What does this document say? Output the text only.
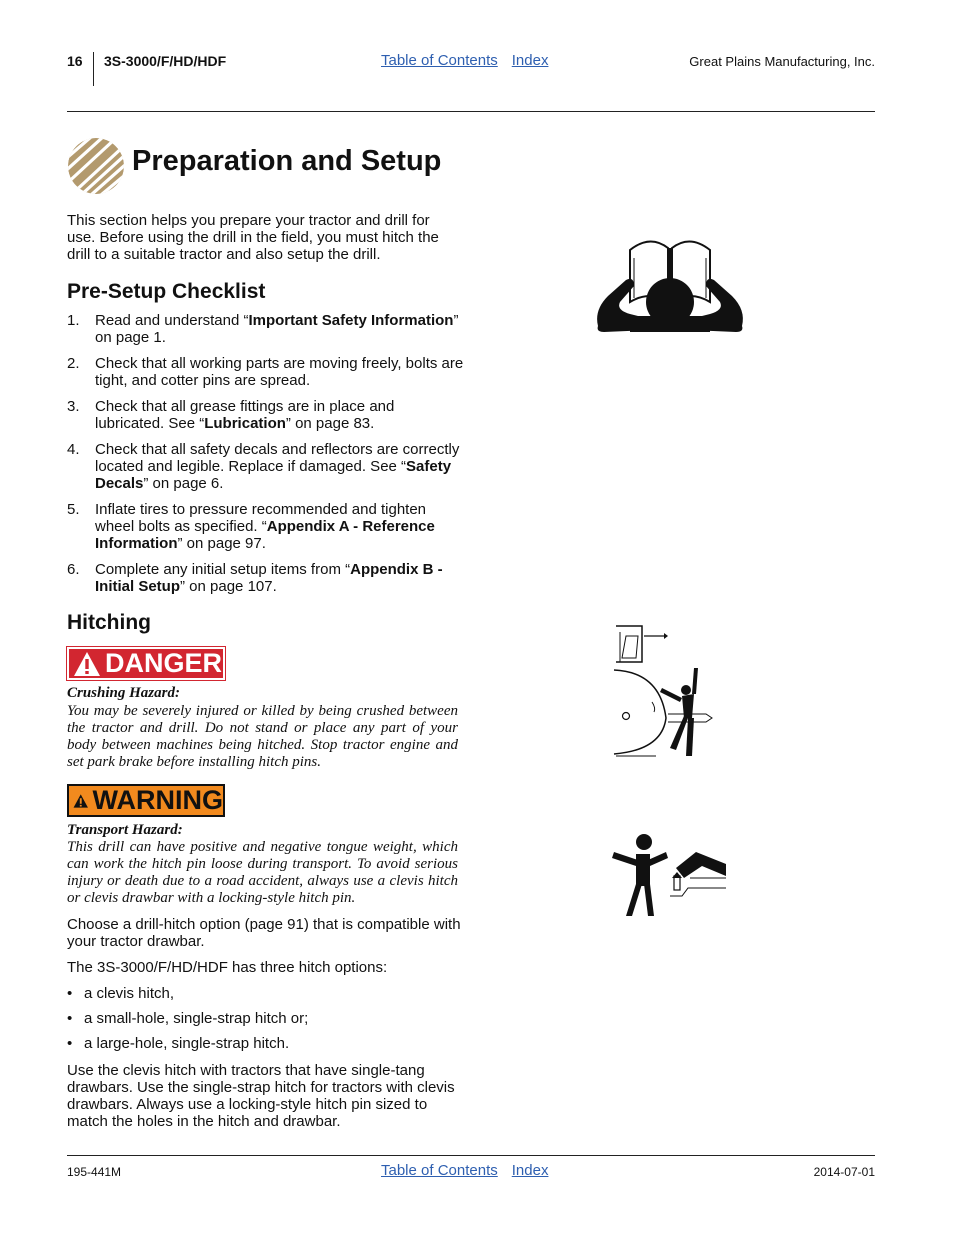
16 3S-3000/F/HD/HDF	Table of Contents Index	Great Plains Manufacturing, Inc.
Preparation and Setup
This section helps you prepare your tractor and drill for use. Before using the drill in the field, you must hitch the drill to a suitable tractor and also setup the drill.
Pre-Setup Checklist
1. Read and understand “Important Safety Information” on page 1.
2. Check that all working parts are moving freely, bolts are tight, and cotter pins are spread.
3. Check that all grease fittings are in place and lubricated. See “Lubrication” on page 83.
4. Check that all safety decals and reflectors are correctly located and legible. Replace if damaged. See “Safety Decals” on page 6.
5. Inflate tires to pressure recommended and tighten wheel bolts as specified. “Appendix A - Reference Information” on page 97.
6. Complete any initial setup items from “Appendix B - Initial Setup” on page 107.
Hitching
DANGER
Crushing Hazard:
You may be severely injured or killed by being crushed between the tractor and drill. Do not stand or place any part of your body between machines being hitched. Stop tractor engine and set park brake before installing hitch pins.
WARNING
Transport Hazard:
This drill can have positive and negative tongue weight, which can work the hitch pin loose during transport. To avoid serious injury or death due to a road accident, always use a clevis hitch or clevis drawbar with a locking-style hitch pin.
Choose a drill-hitch option (page 91) that is compatible with your tractor drawbar.
The 3S-3000/F/HD/HDF has three hitch options:
• a clevis hitch,
• a small-hole, single-strap hitch or;
• a large-hole, single-strap hitch.
Use the clevis hitch with tractors that have single-tang drawbars. Use the single-strap hitch for tractors with clevis drawbars. Always use a locking-style hitch pin sized to match the holes in the hitch and drawbar.
195-441M	Table of Contents Index	2014-07-01
